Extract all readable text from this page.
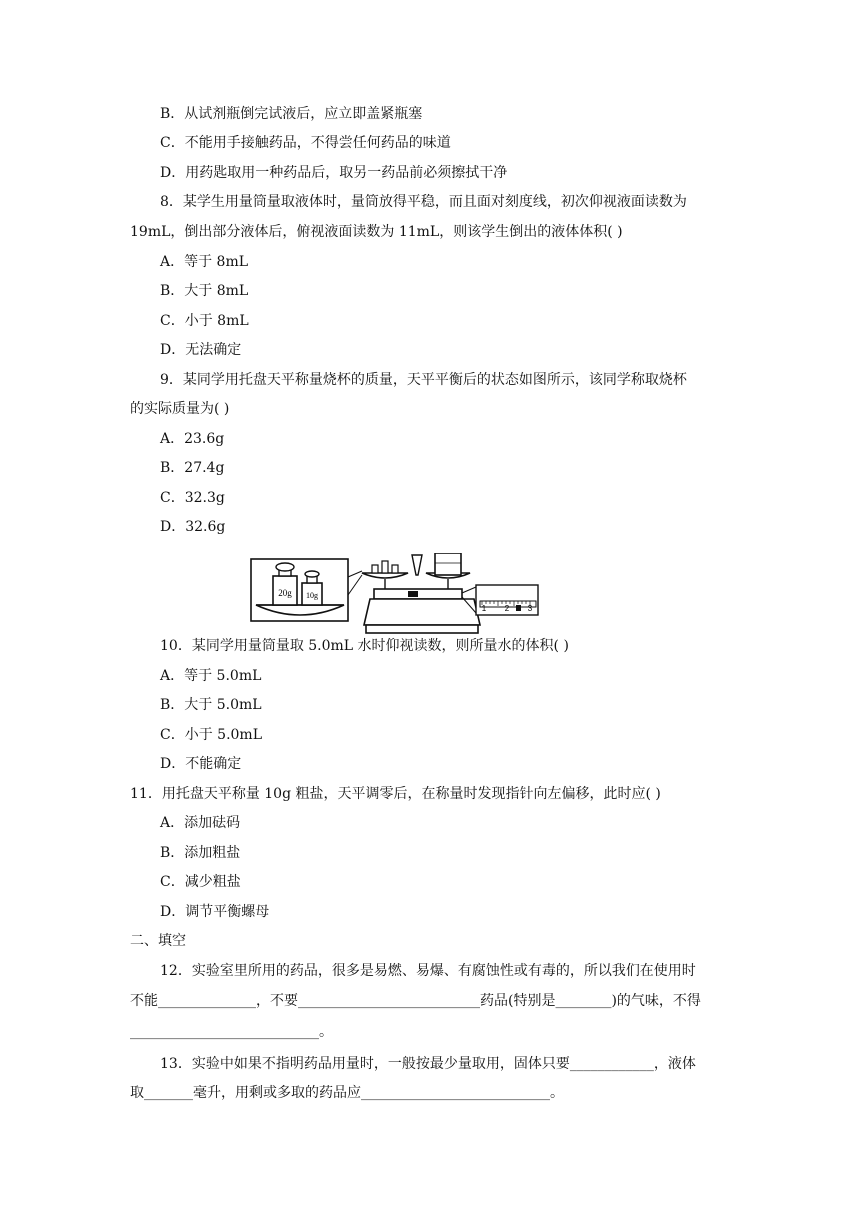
B．从试剂瓶倒完试液后，应立即盖紧瓶塞
C．不能用手接触药品，不得尝任何药品的味道
D．用药匙取用一种药品后，取另一药品前必须擦拭干净
8．某学生用量筒量取液体时，量筒放得平稳，而且面对刻度线，初次仰视液面读数为
19mL，倒出部分液体后，俯视液面读数为 11mL，则该学生倒出的液体体积( )
A．等于 8mL
B．大于 8mL
C．小于 8mL
D．无法确定
9．某同学用托盘天平称量烧杯的质量，天平平衡后的状态如图所示，该同学称取烧杯
的实际质量为( )
A．23.6g
B．27.4g
C．32.3g
D．32.6g
20g 10g
1 2 3
10．某同学用量筒量取 5.0mL 水时仰视读数，则所量水的体积( )
A．等于 5.0mL
B．大于 5.0mL
C．小于 5.0mL
D．不能确定
11．用托盘天平称量 10g 粗盐，天平调零后，在称量时发现指针向左偏移，此时应( )
A．添加砝码
B．添加粗盐
C．减少粗盐
D．调节平衡螺母
二、填空
12．实验室里所用的药品，很多是易燃、易爆、有腐蚀性或有毒的，所以我们在使用时
不能______________，不要__________________________药品(特别是________)的气味，不得
___________________________。
13．实验中如果不指明药品用量时，一般按最少量取用，固体只要____________，液体
取_______毫升，用剩或多取的药品应___________________________。
